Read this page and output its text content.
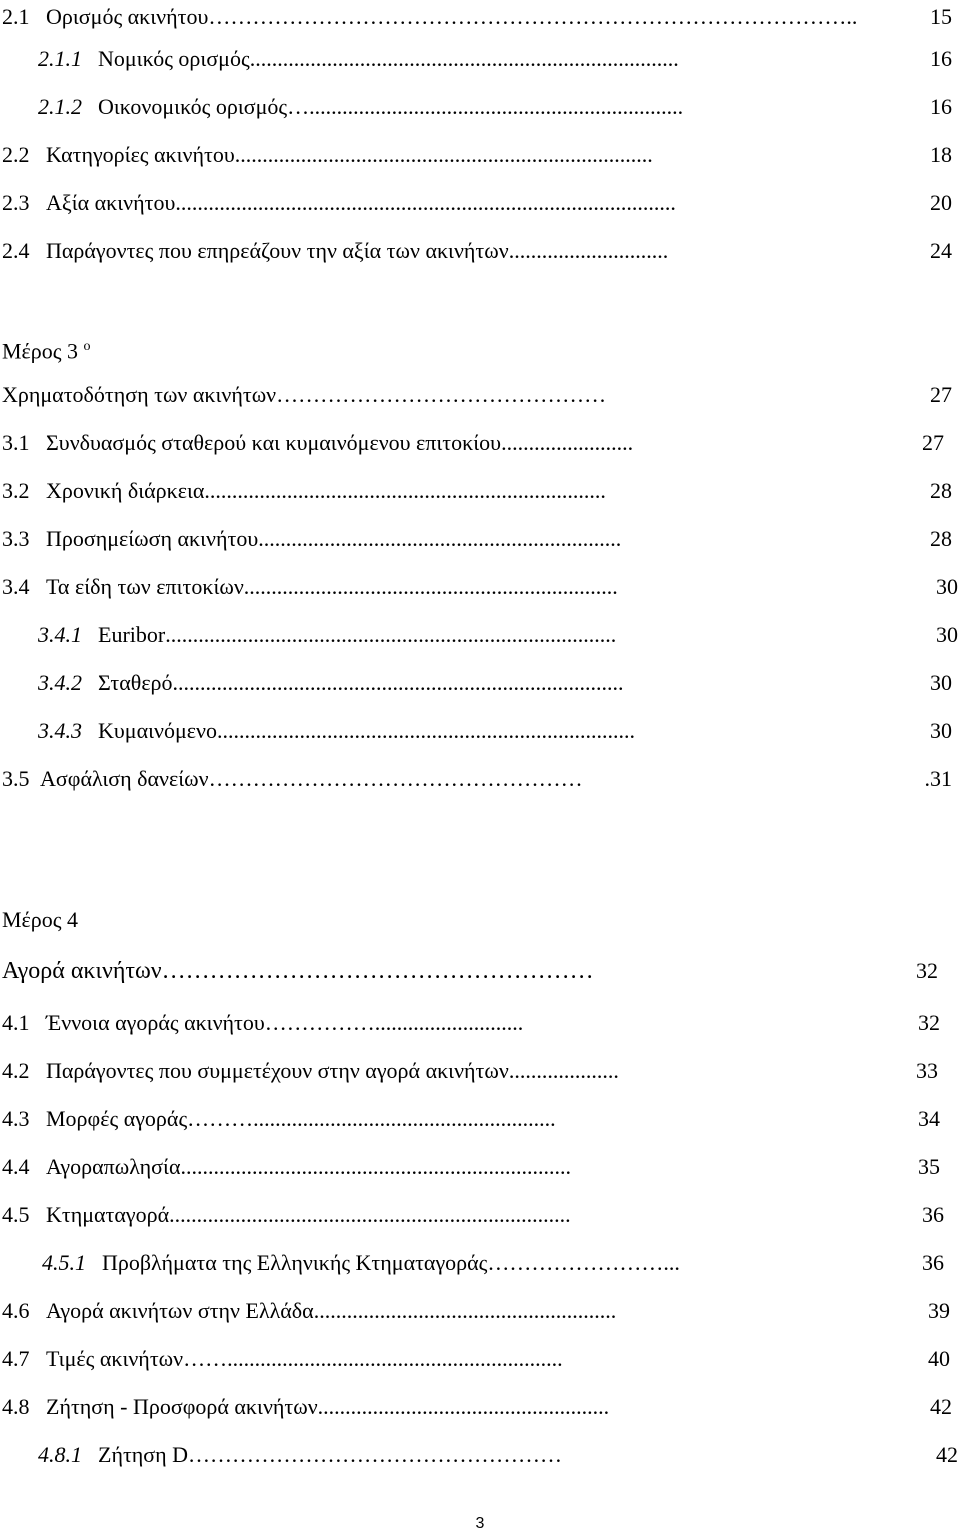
2.1 Ορισμός ακινήτου……………………………………………………………………………..	15
2.1.1 Νομικός ορισμός..............................................................................	16
2.1.2 Οικονομικός ορισμός…....................................................................	16
2.2 Κατηγορίες ακινήτου............................................................................	18
2.3 Αξία ακινήτου...........................................................................................	20
2.4 Παράγοντες που επηρεάζουν την αξία των ακινήτων.............................	24
Μέρος 3 $^o$
Χρηματοδότηση των ακινήτων………………………………………	27
3.1 Συνδυασμός σταθερού και κυμαινόμενου επιτοκίου........................	27
3.2 Χρονική διάρκεια.........................................................................	28
3.3 Προσημείωση ακινήτου..................................................................	28
3.4 Τα είδη των επιτοκίων....................................................................	30
3.4.1 Euribor..................................................................................	30
3.4.2 Σταθερό..................................................................................	30
3.4.3 Κυμαινόμενο............................................................................	30
3.5 Ασφάλιση δανείων……………………………………………	.31
Μέρος 4
Αγορά ακινήτων………………………………………………	32
4.1 Έννοια αγοράς ακινήτου……………...........................	32
4.2 Παράγοντες που συμμετέχουν στην αγορά ακινήτων....................	33
4.3 Μορφές αγοράς……….......................................................	34
4.4 Αγοραπωλησία.......................................................................	35
4.5 Κτηματαγορά.........................................................................	36
4.5.1 Προβλήματα της Ελληνικής Κτηματαγοράς……………………...	36
4.6 Αγορά ακινήτων στην Ελλάδα.......................................................	39
4.7 Τιμές ακινήτων…….............................................................	40
4.8 Ζήτηση - Προσφορά ακινήτων.....................................................	42
4.8.1 Ζήτηση D……………………………………………	42
3
